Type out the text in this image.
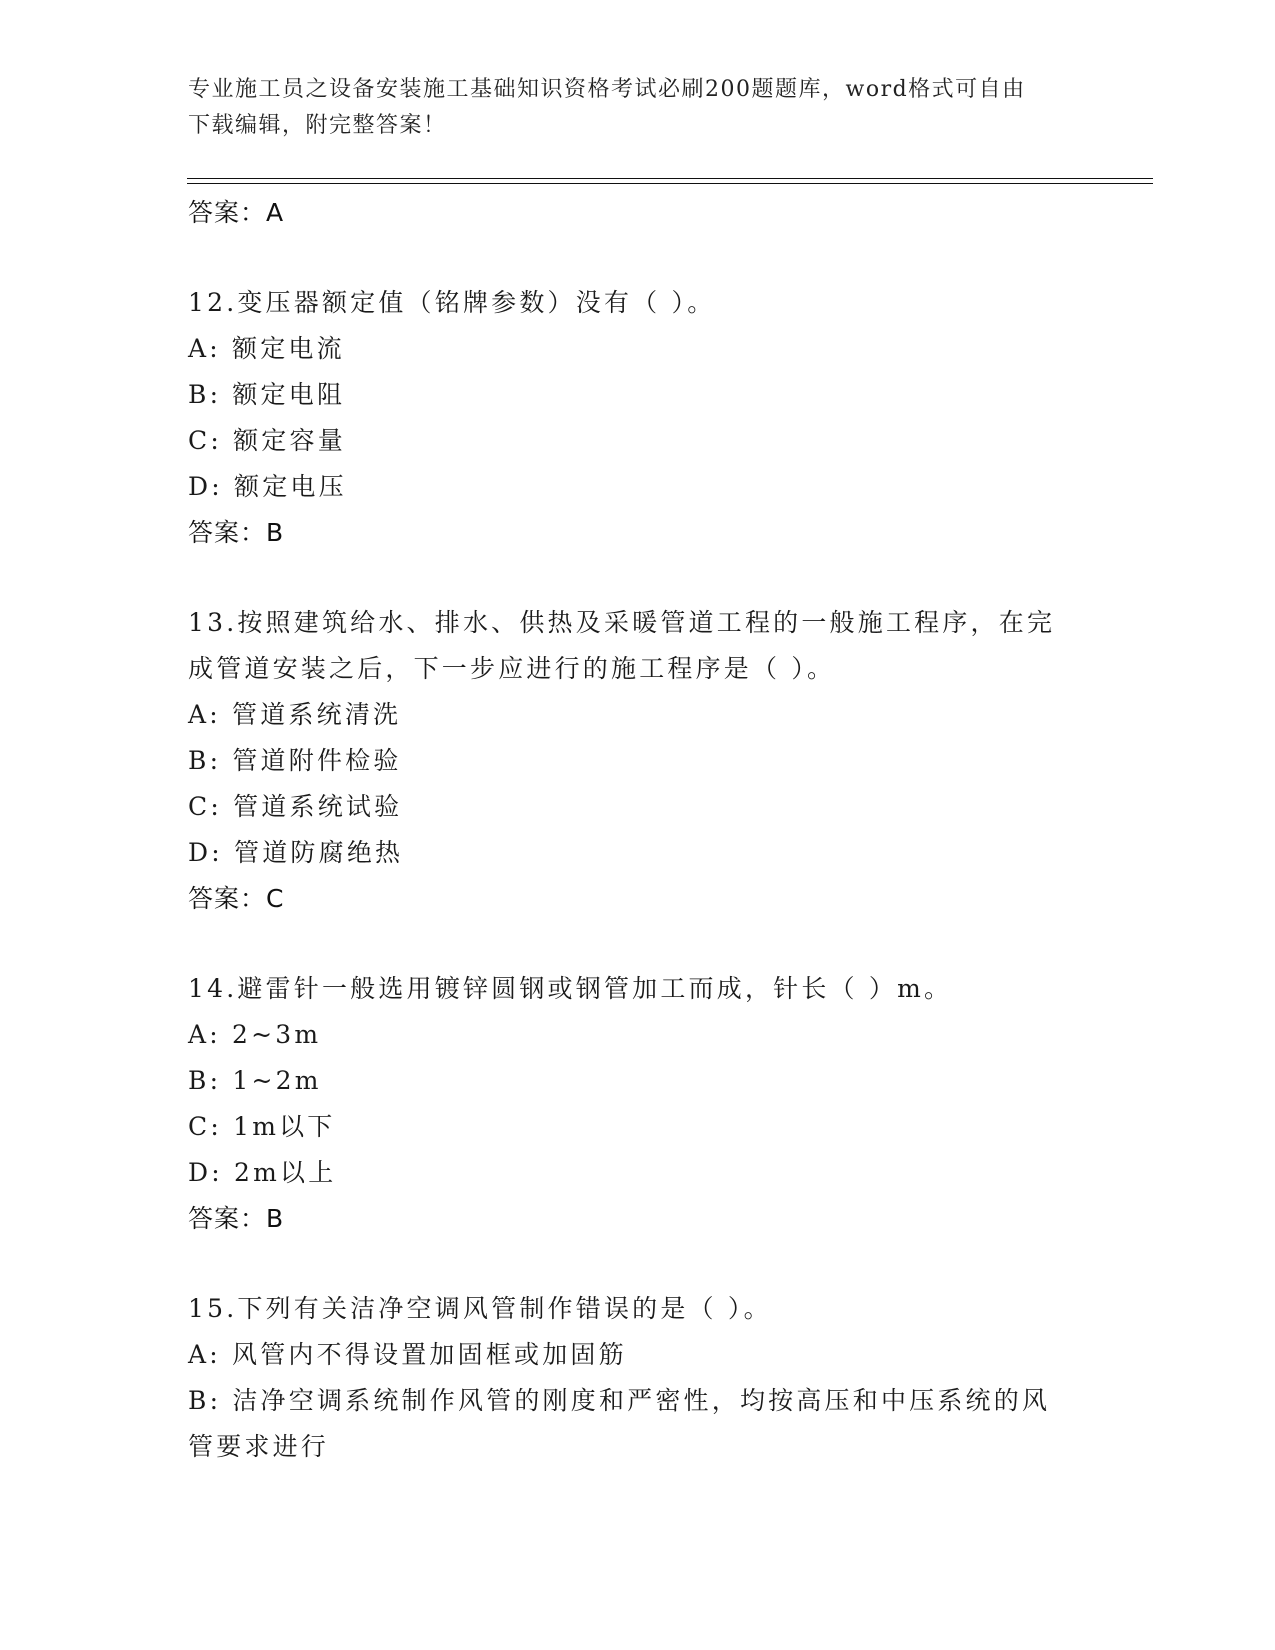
专业施工员之设备安装施工基础知识资格考试必刷200题题库，word格式可自由
下载编辑，附完整答案！
答案：A
12.变压器额定值（铭牌参数）没有（ ）。
A: 额定电流
B: 额定电阻
C: 额定容量
D: 额定电压
答案：B
13.按照建筑给水、排水、供热及采暖管道工程的一般施工程序，在完
成管道安装之后，下一步应进行的施工程序是（ ）。
A: 管道系统清洗
B: 管道附件检验
C: 管道系统试验
D: 管道防腐绝热
答案：C
14.避雷针一般选用镀锌圆钢或钢管加工而成，针长（ ）m。
A: 2~3m
B: 1~2m
C: 1m以下
D: 2m以上
答案：B
15.下列有关洁净空调风管制作错误的是（ ）。
A: 风管内不得设置加固框或加固筋
B: 洁净空调系统制作风管的刚度和严密性，均按高压和中压系统的风
管要求进行
